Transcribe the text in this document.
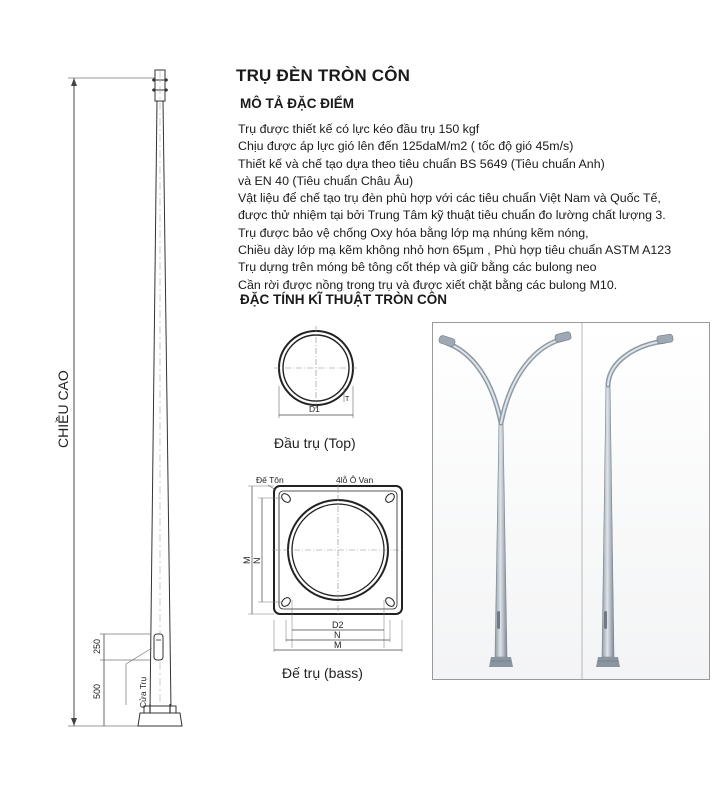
TRỤ ĐÈN TRÒN CÔN
MÔ TẢ ĐẶC ĐIỂM
Trụ được thiết kế có lực kéo đầu trụ 150 kgf
Chịu được áp lực gió lên đến 125daM/m2 ( tốc độ gió 45m/s)
Thiết kế và chế tạo dựa theo tiêu chuẩn BS 5649 (Tiêu chuẩn Anh)
và EN 40 (Tiêu chuẩn Châu Âu)
Vật liệu để chế tạo trụ đèn phù hợp với các tiêu chuẩn Việt Nam và Quốc Tế,
được thử nhiệm tại bởi Trung Tâm kỹ thuật tiêu chuẩn đo lường chất lượng 3.
Trụ được bảo vệ chống Oxy hóa bằng lớp mạ nhúng kẽm nóng,
Chiều dày lớp mạ kẽm không nhỏ hơn 65µm , Phù hợp tiêu chuẩn ASTM A123
Trụ dựng trên móng bê tông cốt thép và giữ bằng các bulong neo
Cần rời được nồng trong trụ và được xiết chặt bằng các bulong M10.
ĐẶC TÍNH KĨ THUẬT TRÒN CÔN
CHIỀU CAO
250
500	Cửa Trụ
D1
T
Đầu trụ (Top)
Đế Tôn	4lỗ Ô Van
M N
D2
N
M
Đế trụ (bass)
